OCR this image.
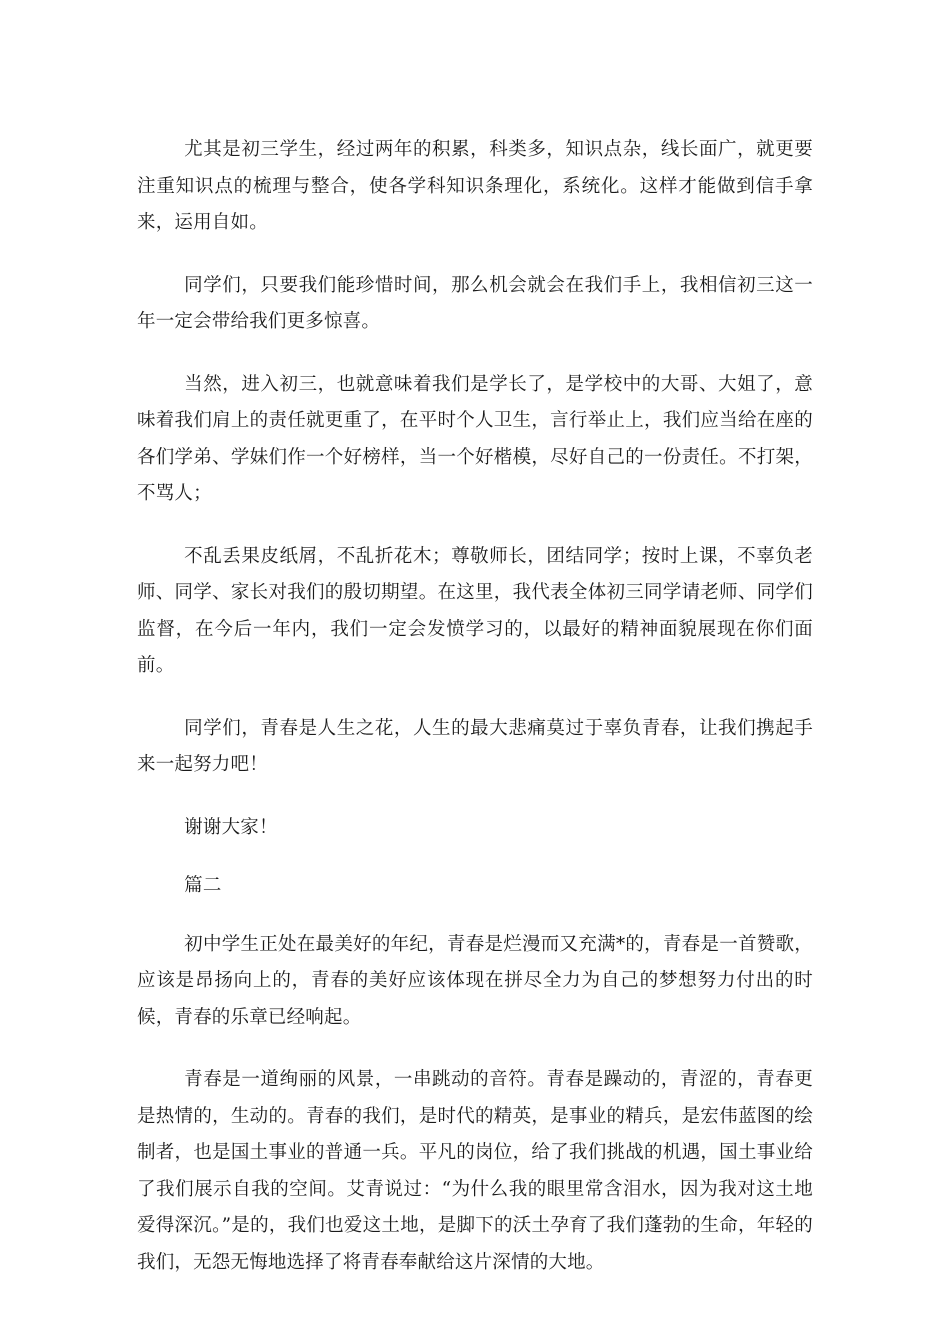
尤其是初三学生，经过两年的积累，科类多，知识点杂，线长面广，就更要注重知识点的梳理与整合，使各学科知识条理化，系统化。这样才能做到信手拿来，运用自如。

同学们，只要我们能珍惜时间，那么机会就会在我们手上，我相信初三这一年一定会带给我们更多惊喜。

当然，进入初三，也就意味着我们是学长了，是学校中的大哥、大姐了，意味着我们肩上的责任就更重了，在平时个人卫生，言行举止上，我们应当给在座的各们学弟、学妹们作一个好榜样，当一个好楷模，尽好自己的一份责任。不打架，不骂人；

不乱丢果皮纸屑，不乱折花木；尊敬师长，团结同学；按时上课，不辜负老师、同学、家长对我们的殷切期望。在这里，我代表全体初三同学请老师、同学们监督，在今后一年内，我们一定会发愤学习的，以最好的精神面貌展现在你们面前。

同学们，青春是人生之花，人生的最大悲痛莫过于辜负青春，让我们携起手来一起努力吧！

谢谢大家！

篇二

初中学生正处在最美好的年纪，青春是烂漫而又充满*的，青春是一首赞歌，应该是昂扬向上的，青春的美好应该体现在拼尽全力为自己的梦想努力付出的时候，青春的乐章已经响起。

青春是一道绚丽的风景，一串跳动的音符。青春是躁动的，青涩的，青春更是热情的，生动的。青春的我们，是时代的精英，是事业的精兵，是宏伟蓝图的绘制者，也是国土事业的普通一兵。平凡的岗位，给了我们挑战的机遇，国土事业给了我们展示自我的空间。艾青说过：“为什么我的眼里常含泪水，因为我对这土地爱得深沉。”是的，我们也爱这土地，是脚下的沃土孕育了我们蓬勃的生命，年轻的我们，无怨无悔地选择了将青春奉献给这片深情的大地。
